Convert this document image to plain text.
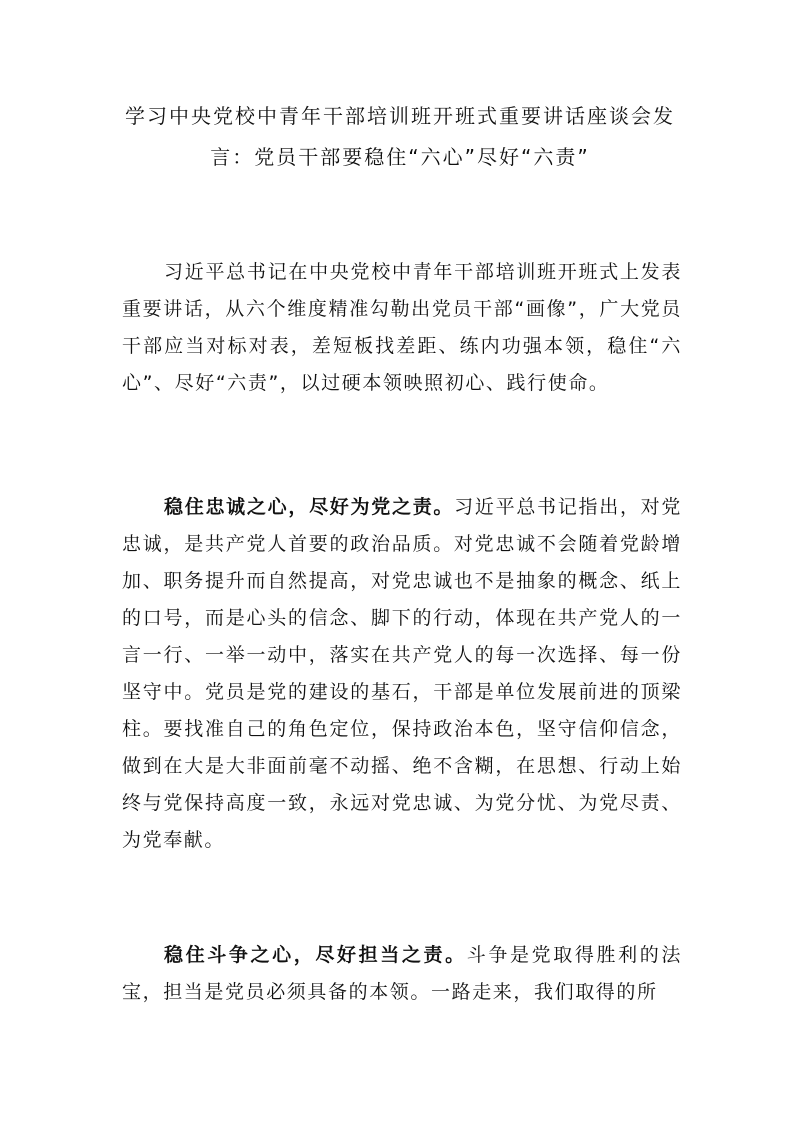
学习中央党校中青年干部培训班开班式重要讲话座谈会发
言：党员干部要稳住“六心”尽好“六责”

习近平总书记在中央党校中青年干部培训班开班式上发表重要讲话，从六个维度精准勾勒出党员干部“画像”，广大党员干部应当对标对表，差短板找差距、练内功强本领，稳住“六心”、尽好“六责”，以过硬本领映照初心、践行使命。

稳住忠诚之心，尽好为党之责。习近平总书记指出，对党忠诚，是共产党人首要的政治品质。对党忠诚不会随着党龄增加、职务提升而自然提高，对党忠诚也不是抽象的概念、纸上的口号，而是心头的信念、脚下的行动，体现在共产党人的一言一行、一举一动中，落实在共产党人的每一次选择、每一份坚守中。党员是党的建设的基石，干部是单位发展前进的顶梁柱。要找准自己的角色定位，保持政治本色，坚守信仰信念，做到在大是大非面前毫不动摇、绝不含糊，在思想、行动上始终与党保持高度一致，永远对党忠诚、为党分忧、为党尽责、为党奉献。

稳住斗争之心，尽好担当之责。斗争是党取得胜利的法宝，担当是党员必须具备的本领。一路走来，我们取得的所
